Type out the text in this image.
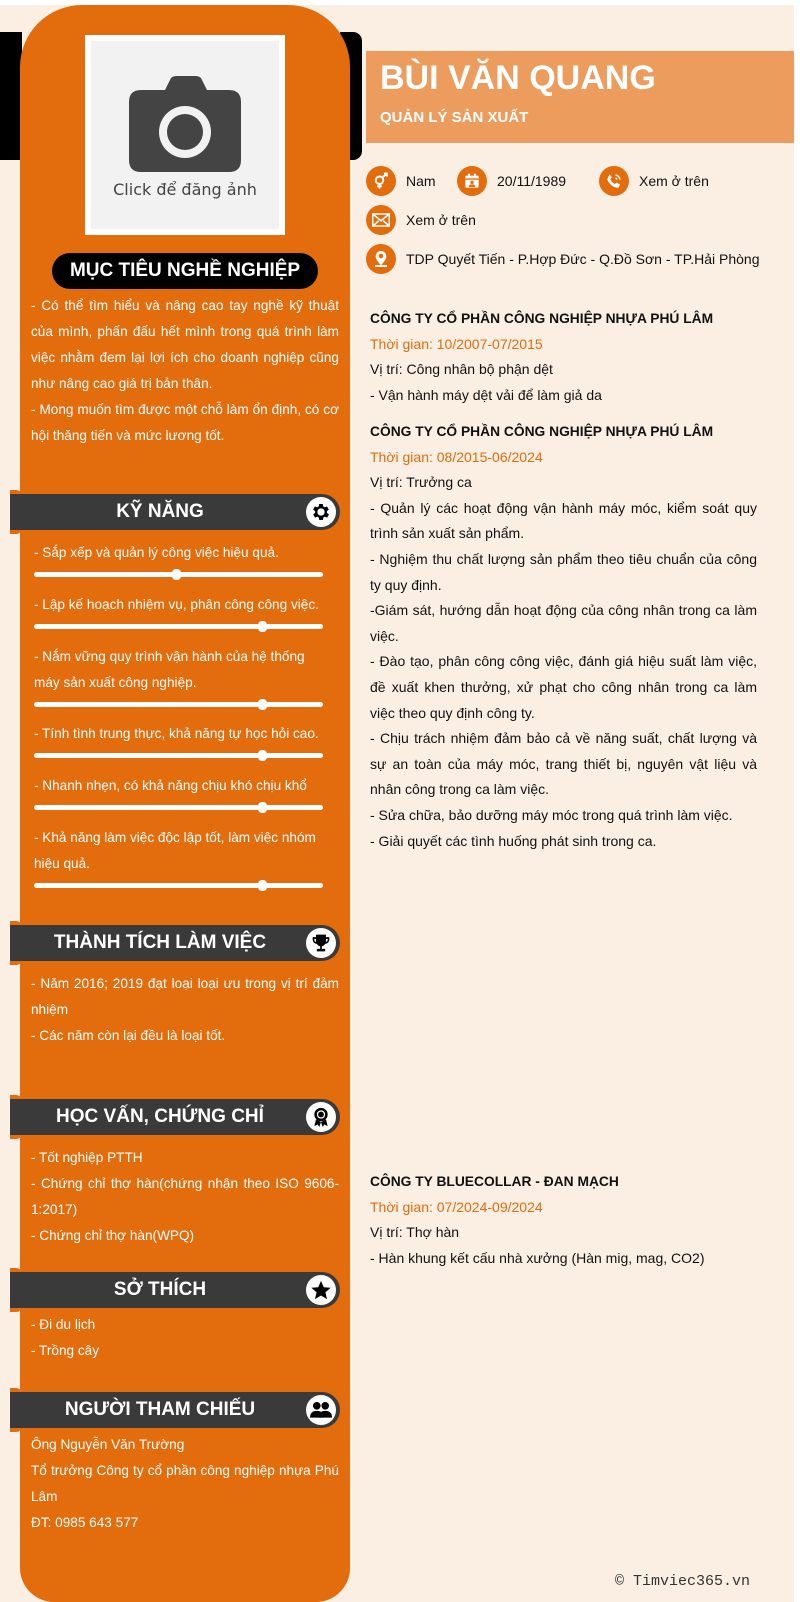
Click để đăng ảnh
MỤC TIÊU NGHỀ NGHIỆP
- Có thể tìm hiểu và nâng cao tay nghề kỹ thuật của mình, phấn đấu hết mình trong quá trình làm việc nhằm đem lại lợi ích cho doanh nghiệp cũng như nâng cao giá trị bản thân.
- Mong muốn tìm được một chỗ làm ổn định, có cơ hội thăng tiến và mức lương tốt.
KỸ NĂNG
- Sắp xếp và quản lý công việc hiệu quả.
- Lập kế hoạch nhiệm vụ, phân công công việc.
- Nắm vững quy trình vận hành của hệ thống máy sản xuất công nghiệp.
- Tính tình trung thực, khả năng tự học hỏi cao.
- Nhanh nhẹn, có khả năng chịu khó chịu khổ
- Khả năng làm việc độc lập tốt, làm việc nhóm hiệu quả.
THÀNH TÍCH LÀM VIỆC
- Năm 2016; 2019 đạt loại loại ưu trong vị trí đảm nhiệm
- Các năm còn lại đều là loại tốt.
HỌC VẤN, CHỨNG CHỈ
- Tốt nghiệp PTTH
- Chứng chỉ thợ hàn(chứng nhận theo ISO 9606-1:2017)
- Chứng chỉ thợ hàn(WPQ)
SỞ THÍCH
- Đi du lịch
- Trồng cây
NGƯỜI THAM CHIẾU
Ông Nguyễn Văn Trường
Tổ trưởng Công ty cổ phần công nghiệp nhựa Phú Lâm
ĐT: 0985 643 577
BÙI VĂN QUANG
QUẢN LÝ SẢN XUẤT
Nam	20/11/1989	Xem ở trên
Xem ở trên
TDP Quyết Tiến - P.Hợp Đức - Q.Đồ Sơn - TP.Hải Phòng
CÔNG TY CỔ PHẦN CÔNG NGHIỆP NHỰA PHÚ LÂM
Thời gian: 10/2007-07/2015
Vị trí: Công nhân bộ phận dệt
- Vận hành máy dệt vải để làm giả da
CÔNG TY CỔ PHẦN CÔNG NGHIỆP NHỰA PHÚ LÂM
Thời gian: 08/2015-06/2024
Vị trí: Trưởng ca
- Quản lý các hoạt động vận hành máy móc, kiểm soát quy trình sản xuất sản phẩm.
- Nghiệm thu chất lượng sản phẩm theo tiêu chuẩn của công ty quy định.
-Giám sát, hướng dẫn hoạt động của công nhân trong ca làm việc.
- Đào tạo, phân công công việc, đánh giá hiệu suất làm việc, đề xuất khen thưởng, xử phạt cho công nhân trong ca làm việc theo quy định công ty.
- Chịu trách nhiệm đảm bảo cả về năng suất, chất lượng và sự an toàn của máy móc, trang thiết bị, nguyên vật liệu và nhân công trong ca làm việc.
- Sửa chữa, bảo dưỡng máy móc trong quá trình làm việc.
- Giải quyết các tình huống phát sinh trong ca.
CÔNG TY BLUECOLLAR - ĐAN MẠCH
Thời gian: 07/2024-09/2024
Vị trí: Thợ hàn
- Hàn khung kết cấu nhà xưởng (Hàn mig, mag, CO2)
© Timviec365.vn
